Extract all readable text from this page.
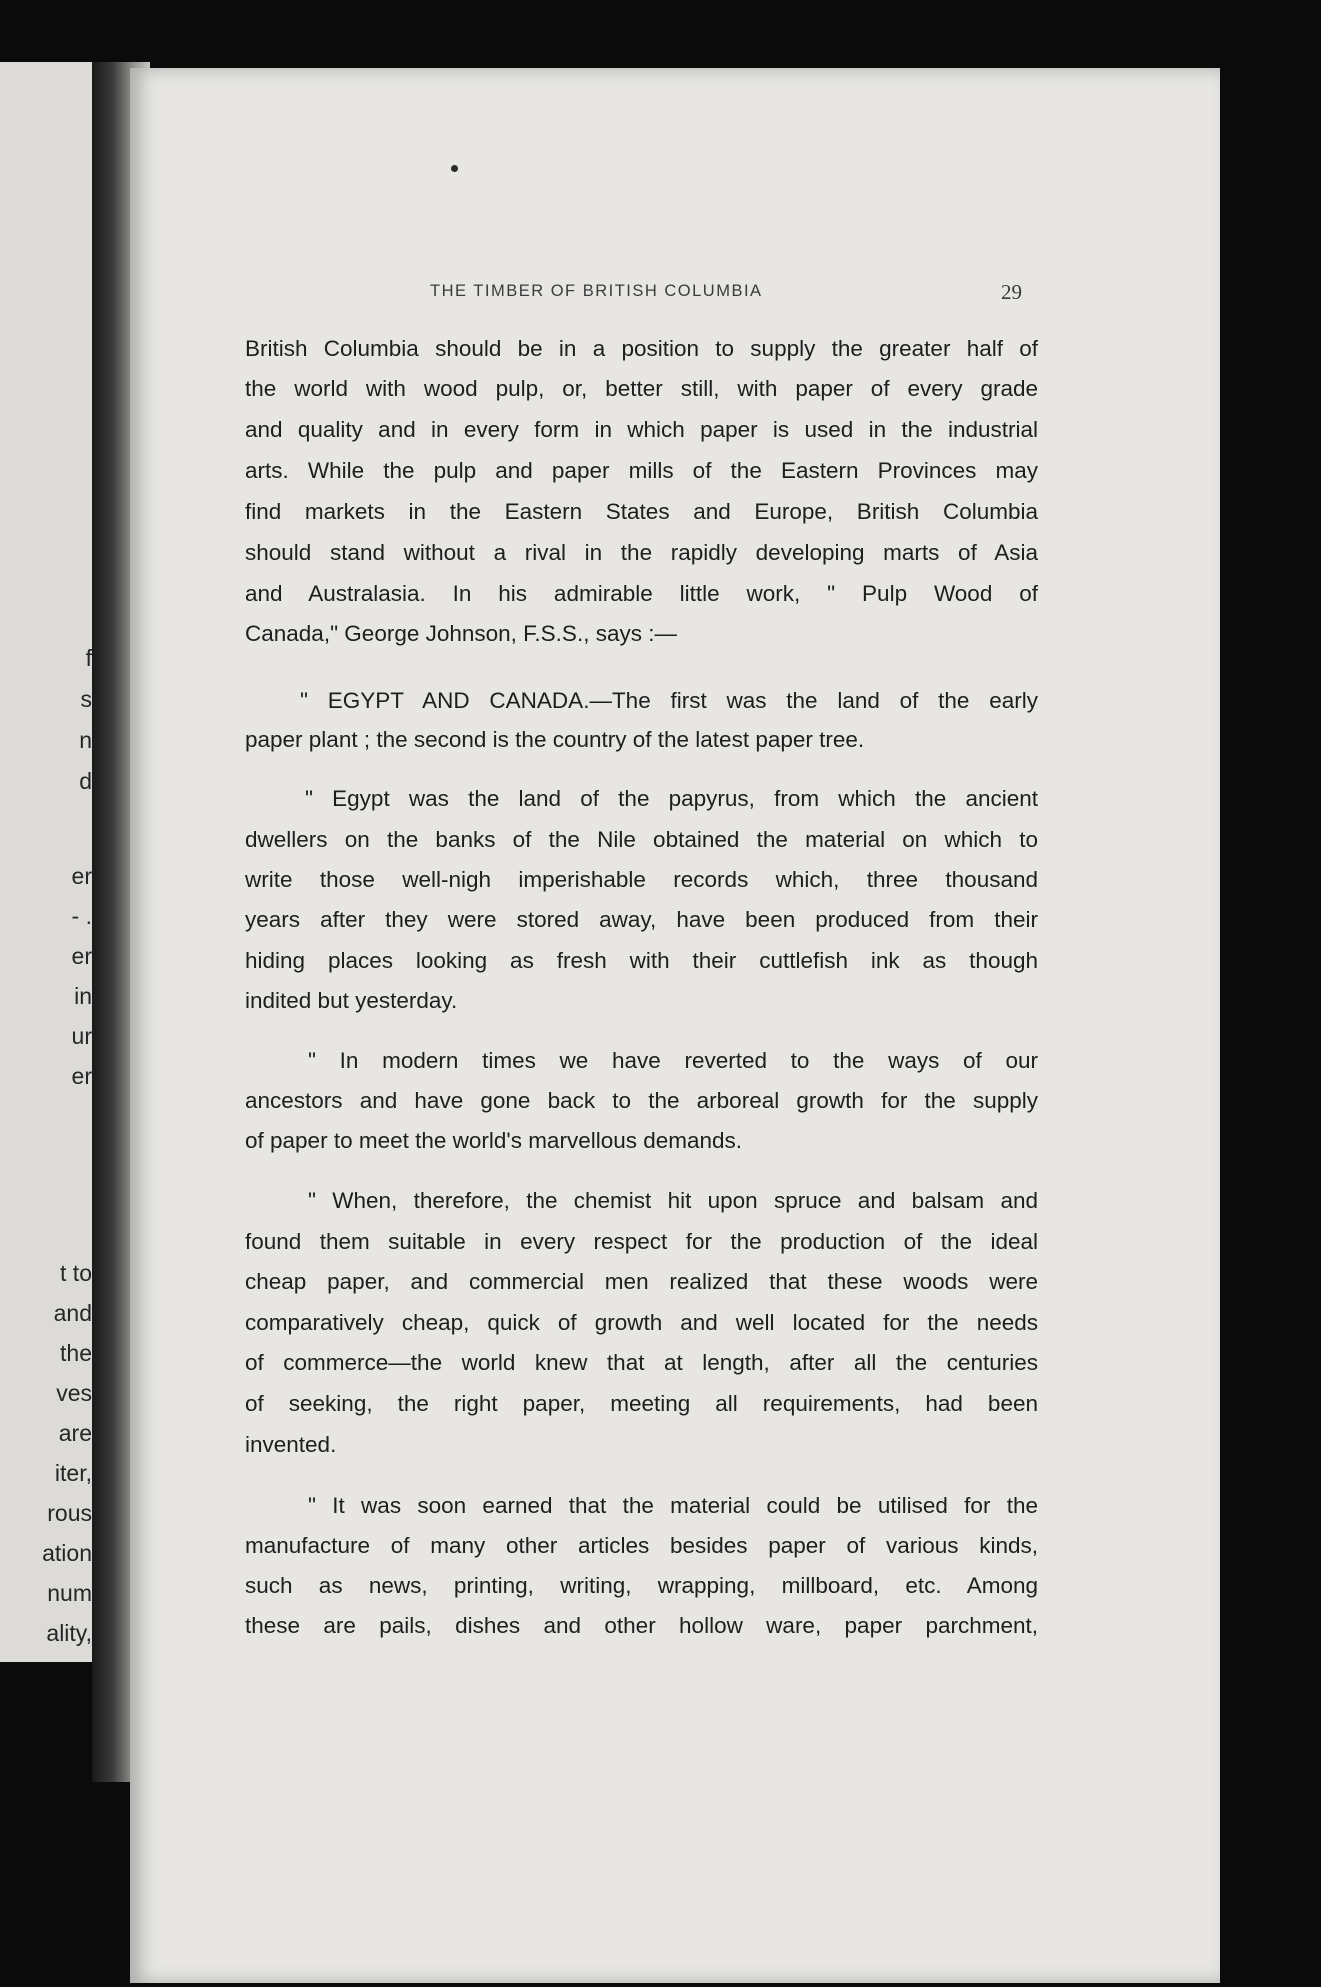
f
s
n
d
er
- .
er
in
ur
er
t to
and
the
ves
are
iter,
rous
ation
num
ality,
THE TIMBER OF BRITISH COLUMBIA	29
British Columbia should be in a position to supply the greater half of
the world with wood pulp, or, better still, with paper of every grade
and quality and in every form in which paper is used in the industrial
arts. While the pulp and paper mills of the Eastern Provinces may
find markets in the Eastern States and Europe, British Columbia
should stand without a rival in the rapidly developing marts of Asia
and Australasia. In his admirable little work, " Pulp Wood of
Canada," George Johnson, F.S.S., says :—
" EGYPT AND CANADA.—The first was the land of the early
paper plant ; the second is the country of the latest paper tree.
" Egypt was the land of the papyrus, from which the ancient
dwellers on the banks of the Nile obtained the material on which to
write those well-nigh imperishable records which, three thousand
years after they were stored away, have been produced from their
hiding places looking as fresh with their cuttlefish ink as though
indited but yesterday.
" In modern times we have reverted to the ways of our
ancestors and have gone back to the arboreal growth for the supply
of paper to meet the world's marvellous demands.
" When, therefore, the chemist hit upon spruce and balsam and
found them suitable in every respect for the production of the ideal
cheap paper, and commercial men realized that these woods were
comparatively cheap, quick of growth and well located for the needs
of commerce—the world knew that at length, after all the centuries
of seeking, the right paper, meeting all requirements, had been
invented.
" It was soon earned that the material could be utilised for the
manufacture of many other articles besides paper of various kinds,
such as news, printing, writing, wrapping, millboard, etc. Among
these are pails, dishes and other hollow ware, paper parchment,
